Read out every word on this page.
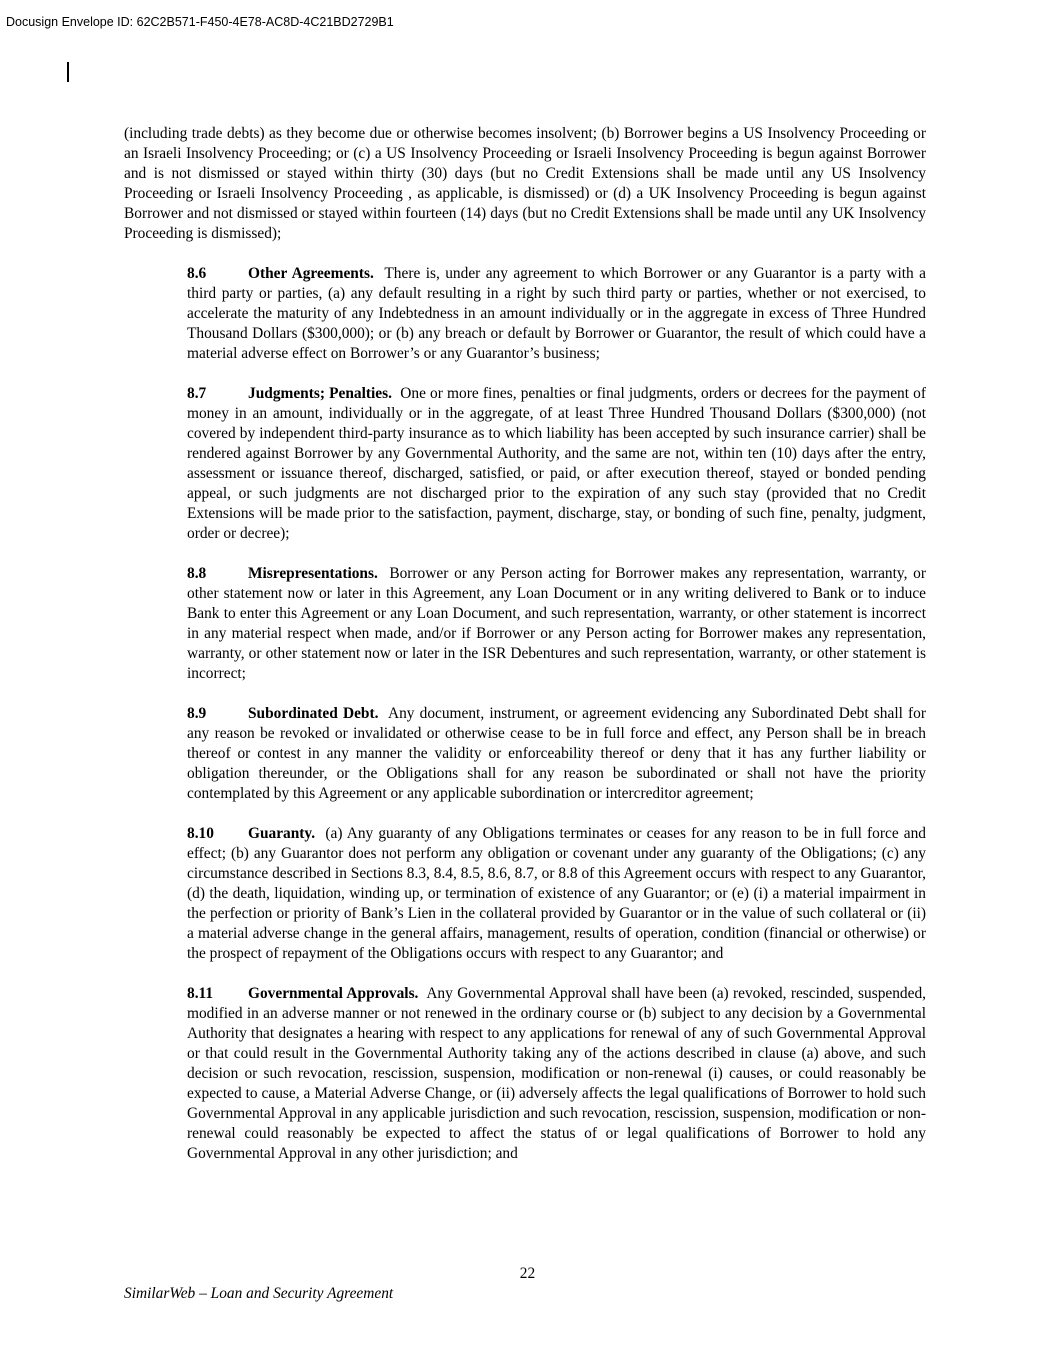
Docusign Envelope ID: 62C2B571-F450-4E78-AC8D-4C21BD2729B1

(including trade debts) as they become due or otherwise becomes insolvent; (b) Borrower begins a US Insolvency Proceeding or an Israeli Insolvency Proceeding; or (c) a US Insolvency Proceeding or Israeli Insolvency Proceeding is begun against Borrower and is not dismissed or stayed within thirty (30) days (but no Credit Extensions shall be made until any US Insolvency Proceeding or Israeli Insolvency Proceeding , as applicable, is dismissed) or (d) a UK Insolvency Proceeding is begun against Borrower and not dismissed or stayed within fourteen (14) days (but no Credit Extensions shall be made until any UK Insolvency Proceeding is dismissed);

8.6	Other Agreements. There is, under any agreement to which Borrower or any Guarantor is a party with a third party or parties, (a) any default resulting in a right by such third party or parties, whether or not exercised, to accelerate the maturity of any Indebtedness in an amount individually or in the aggregate in excess of Three Hundred Thousand Dollars ($300,000); or (b) any breach or default by Borrower or Guarantor, the result of which could have a material adverse effect on Borrower’s or any Guarantor’s business;

8.7	Judgments; Penalties. One or more fines, penalties or final judgments, orders or decrees for the payment of money in an amount, individually or in the aggregate, of at least Three Hundred Thousand Dollars ($300,000) (not covered by independent third-party insurance as to which liability has been accepted by such insurance carrier) shall be rendered against Borrower by any Governmental Authority, and the same are not, within ten (10) days after the entry, assessment or issuance thereof, discharged, satisfied, or paid, or after execution thereof, stayed or bonded pending appeal, or such judgments are not discharged prior to the expiration of any such stay (provided that no Credit Extensions will be made prior to the satisfaction, payment, discharge, stay, or bonding of such fine, penalty, judgment, order or decree);

8.8	Misrepresentations. Borrower or any Person acting for Borrower makes any representation, warranty, or other statement now or later in this Agreement, any Loan Document or in any writing delivered to Bank or to induce Bank to enter this Agreement or any Loan Document, and such representation, warranty, or other statement is incorrect in any material respect when made, and/or if Borrower or any Person acting for Borrower makes any representation, warranty, or other statement now or later in the ISR Debentures and such representation, warranty, or other statement is incorrect;

8.9	Subordinated Debt. Any document, instrument, or agreement evidencing any Subordinated Debt shall for any reason be revoked or invalidated or otherwise cease to be in full force and effect, any Person shall be in breach thereof or contest in any manner the validity or enforceability thereof or deny that it has any further liability or obligation thereunder, or the Obligations shall for any reason be subordinated or shall not have the priority contemplated by this Agreement or any applicable subordination or intercreditor agreement;

8.10 Guaranty. (a) Any guaranty of any Obligations terminates or ceases for any reason to be in full force and effect; (b) any Guarantor does not perform any obligation or covenant under any guaranty of the Obligations; (c) any circumstance described in Sections 8.3, 8.4, 8.5, 8.6, 8.7, or 8.8 of this Agreement occurs with respect to any Guarantor, (d) the death, liquidation, winding up, or termination of existence of any Guarantor; or (e) (i) a material impairment in the perfection or priority of Bank’s Lien in the collateral provided by Guarantor or in the value of such collateral or (ii) a material adverse change in the general affairs, management, results of operation, condition (financial or otherwise) or the prospect of repayment of the Obligations occurs with respect to any Guarantor; and

8.11 Governmental Approvals. Any Governmental Approval shall have been (a) revoked, rescinded, suspended, modified in an adverse manner or not renewed in the ordinary course or (b) subject to any decision by a Governmental Authority that designates a hearing with respect to any applications for renewal of any of such Governmental Approval or that could result in the Governmental Authority taking any of the actions described in clause (a) above, and such decision or such revocation, rescission, suspension, modification or non-renewal (i) causes, or could reasonably be expected to cause, a Material Adverse Change, or (ii) adversely affects the legal qualifications of Borrower to hold such Governmental Approval in any applicable jurisdiction and such revocation, rescission, suspension, modification or non-renewal could reasonably be expected to affect the status of or legal qualifications of Borrower to hold any Governmental Approval in any other jurisdiction; and

22
SimilarWeb – Loan and Security Agreement
